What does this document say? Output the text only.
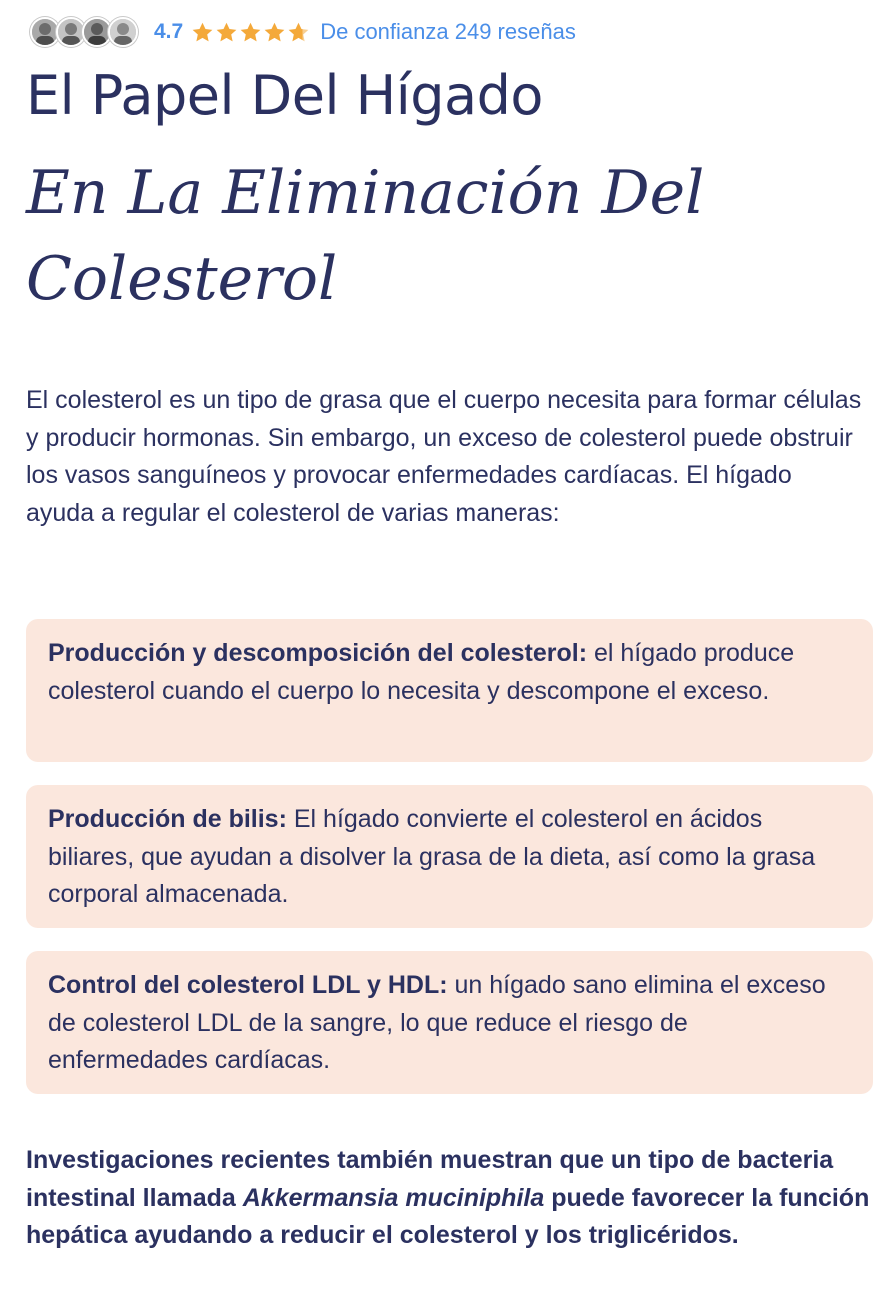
4.7	De confianza 249 reseñas
El Papel Del Hígado
En La Eliminación Del Colesterol

El colesterol es un tipo de grasa que el cuerpo necesita para formar células y producir hormonas. Sin embargo, un exceso de colesterol puede obstruir los vasos sanguíneos y provocar enfermedades cardíacas. El hígado ayuda a regular el colesterol de varias maneras:

Producción y descomposición del colesterol: el hígado produce colesterol cuando el cuerpo lo necesita y descompone el exceso.
Producción de bilis: El hígado convierte el colesterol en ácidos biliares, que ayudan a disolver la grasa de la dieta, así como la grasa corporal almacenada.
Control del colesterol LDL y HDL: un hígado sano elimina el exceso de colesterol LDL de la sangre, lo que reduce el riesgo de enfermedades cardíacas.

Investigaciones recientes también muestran que un tipo de bacteria intestinal llamada Akkermansia muciniphila puede favorecer la función hepática ayudando a reducir el colesterol y los triglicéridos.
